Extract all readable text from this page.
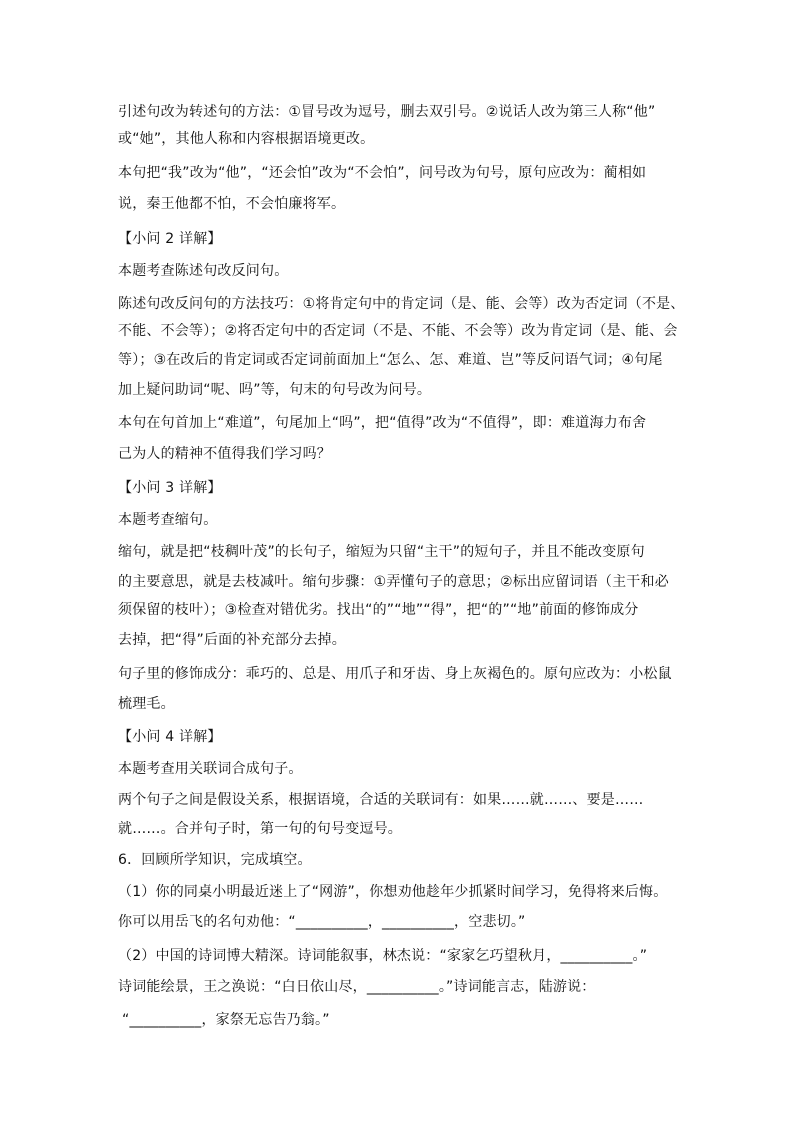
引述句改为转述句的方法：①冒号改为逗号，删去双引号。②说话人改为第三人称“他”
或“她”，其他人称和内容根据语境更改。
本句把“我”改为“他”，“还会怕”改为“不会怕”，问号改为句号，原句应改为：蔺相如
说，秦王他都不怕，不会怕廉将军。
【小问 2 详解】
本题考查陈述句改反问句。
陈述句改反问句的方法技巧：①将肯定句中的肯定词（是、能、会等）改为否定词（不是、
不能、不会等）；②将否定句中的否定词（不是、不能、不会等）改为肯定词（是、能、会
等）；③在改后的肯定词或否定词前面加上“怎么、怎、难道、岂”等反问语气词；④句尾
加上疑问助词“呢、吗”等，句末的句号改为问号。
本句在句首加上“难道”，句尾加上“吗”，把“值得”改为“不值得”，即：难道海力布舍
己为人的精神不值得我们学习吗？
【小问 3 详解】
本题考查缩句。
缩句，就是把“枝稠叶茂”的长句子，缩短为只留“主干”的短句子，并且不能改变原句
的主要意思，就是去枝减叶。缩句步骤：①弄懂句子的意思；②标出应留词语（主干和必
须保留的枝叶）；③检查对错优劣。找出“的”“地”“得”，把“的”“地”前面的修饰成分
去掉，把“得”后面的补充部分去掉。
句子里的修饰成分：乖巧的、总是、用爪子和牙齿、身上灰褐色的。原句应改为：小松鼠
梳理毛。
【小问 4 详解】
本题考查用关联词合成句子。
两个句子之间是假设关系，根据语境，合适的关联词有：如果……就……、要是……
就……。合并句子时，第一句的句号变逗号。
6．回顾所学知识，完成填空。
（1）你的同桌小明最近迷上了“网游”，你想劝他趁年少抓紧时间学习，免得将来后悔。
你可以用岳飞的名句劝他：“__________，__________，空悲切。”
（2）中国的诗词博大精深。诗词能叙事，林杰说：“家家乞巧望秋月，__________。”
诗词能绘景，王之涣说：“白日依山尽，__________。”诗词能言志，陆游说：
“__________，家祭无忘告乃翁。”
